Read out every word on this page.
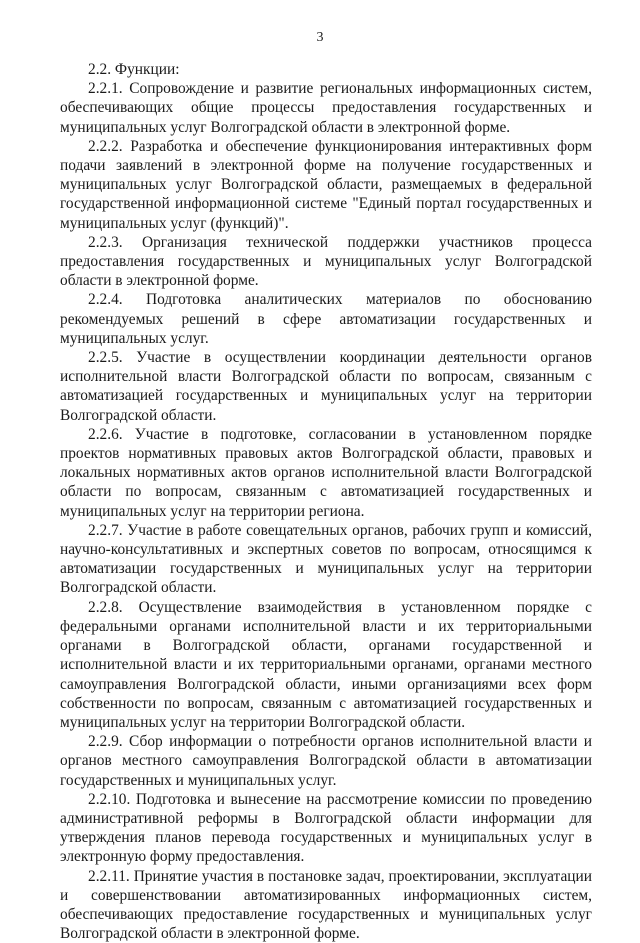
3

2.2. Функции:

2.2.1. Сопровождение и развитие региональных информационных систем, обеспечивающих общие процессы предоставления государственных и муниципальных услуг Волгоградской области в электронной форме.

2.2.2. Разработка и обеспечение функционирования интерактивных форм подачи заявлений в электронной форме на получение государственных и муниципальных услуг Волгоградской области, размещаемых в федеральной государственной информационной системе "Единый портал государственных и муниципальных услуг (функций)".

2.2.3. Организация технической поддержки участников процесса предоставления государственных и муниципальных услуг Волгоградской области в электронной форме.

2.2.4. Подготовка аналитических материалов по обоснованию рекомендуемых решений в сфере автоматизации государственных и муниципальных услуг.

2.2.5. Участие в осуществлении координации деятельности органов исполнительной власти Волгоградской области по вопросам, связанным с автоматизацией государственных и муниципальных услуг на территории Волгоградской области.

2.2.6. Участие в подготовке, согласовании в установленном порядке проектов нормативных правовых актов Волгоградской области, правовых и локальных нормативных актов органов исполнительной власти Волгоградской области по вопросам, связанным с автоматизацией государственных и муниципальных услуг на территории региона.

2.2.7. Участие в работе совещательных органов, рабочих групп и комиссий, научно-консультативных и экспертных советов по вопросам, относящимся к автоматизации государственных и муниципальных услуг на территории Волгоградской области.

2.2.8. Осуществление взаимодействия в установленном порядке с федеральными органами исполнительной власти и их территориальными органами в Волгоградской области, органами государственной и исполнительной власти и их территориальными органами, органами местного самоуправления Волгоградской области, иными организациями всех форм собственности по вопросам, связанным с автоматизацией государственных и муниципальных услуг на территории Волгоградской области.

2.2.9. Сбор информации о потребности органов исполнительной власти и органов местного самоуправления Волгоградской области в автоматизации государственных и муниципальных услуг.

2.2.10. Подготовка и вынесение на рассмотрение комиссии по проведению административной реформы в Волгоградской области информации для утверждения планов перевода государственных и муниципальных услуг в электронную форму предоставления.

2.2.11. Принятие участия в постановке задач, проектировании, эксплуатации и совершенствовании автоматизированных информационных систем, обеспечивающих предоставление государственных и муниципальных услуг Волгоградской области в электронной форме.
